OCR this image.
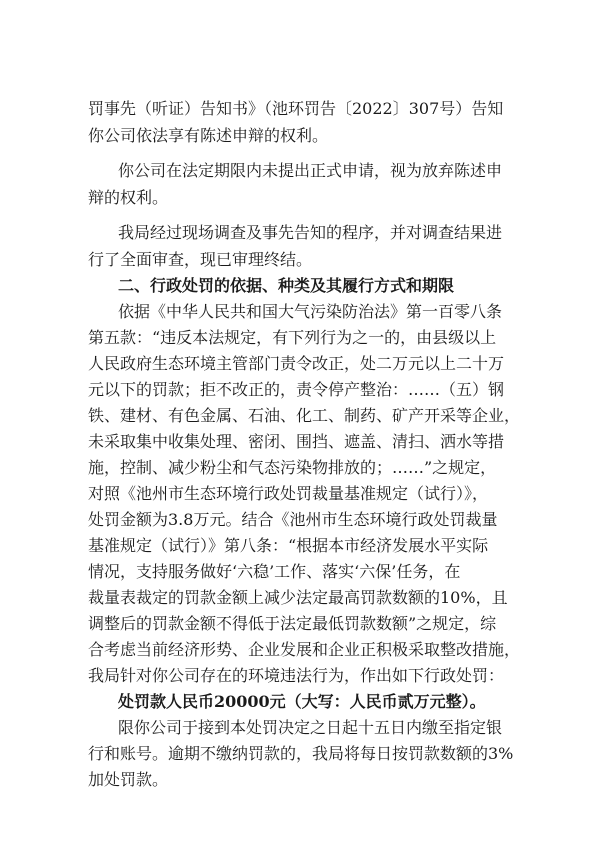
罚事先（听证）告知书》（池环罚告〔2022〕307号）告知
你公司依法享有陈述申辩的权利。
你公司在法定期限内未提出正式申请，视为放弃陈述申
辩的权利。
我局经过现场调查及事先告知的程序，并对调查结果进
行了全面审查，现已审理终结。
二、行政处罚的依据、种类及其履行方式和期限
依据《中华人民共和国大气污染防治法》第一百零八条
第五款：“违反本法规定，有下列行为之一的，由县级以上
人民政府生态环境主管部门责令改正，处二万元以上二十万
元以下的罚款；拒不改正的，责令停产整治：……（五）钢
铁、建材、有色金属、石油、化工、制药、矿产开采等企业，
未采取集中收集处理、密闭、围挡、遮盖、清扫、洒水等措
施，控制、减少粉尘和气态污染物排放的；……”之规定，
对照《池州市生态环境行政处罚裁量基准规定（试行）》，
处罚金额为3.8万元。结合《池州市生态环境行政处罚裁量
基准规定（试行）》第八条：“根据本市经济发展水平实际
情况，支持服务做好‘六稳’工作、落实‘六保’任务，在
裁量表裁定的罚款金额上减少法定最高罚款数额的10%，且
调整后的罚款金额不得低于法定最低罚款数额”之规定，综
合考虑当前经济形势、企业发展和企业正积极采取整改措施，
我局针对你公司存在的环境违法行为，作出如下行政处罚：
处罚款人民币20000元（大写：人民币贰万元整）。
限你公司于接到本处罚决定之日起十五日内缴至指定银
行和账号。逾期不缴纳罚款的，我局将每日按罚款数额的3%
加处罚款。
